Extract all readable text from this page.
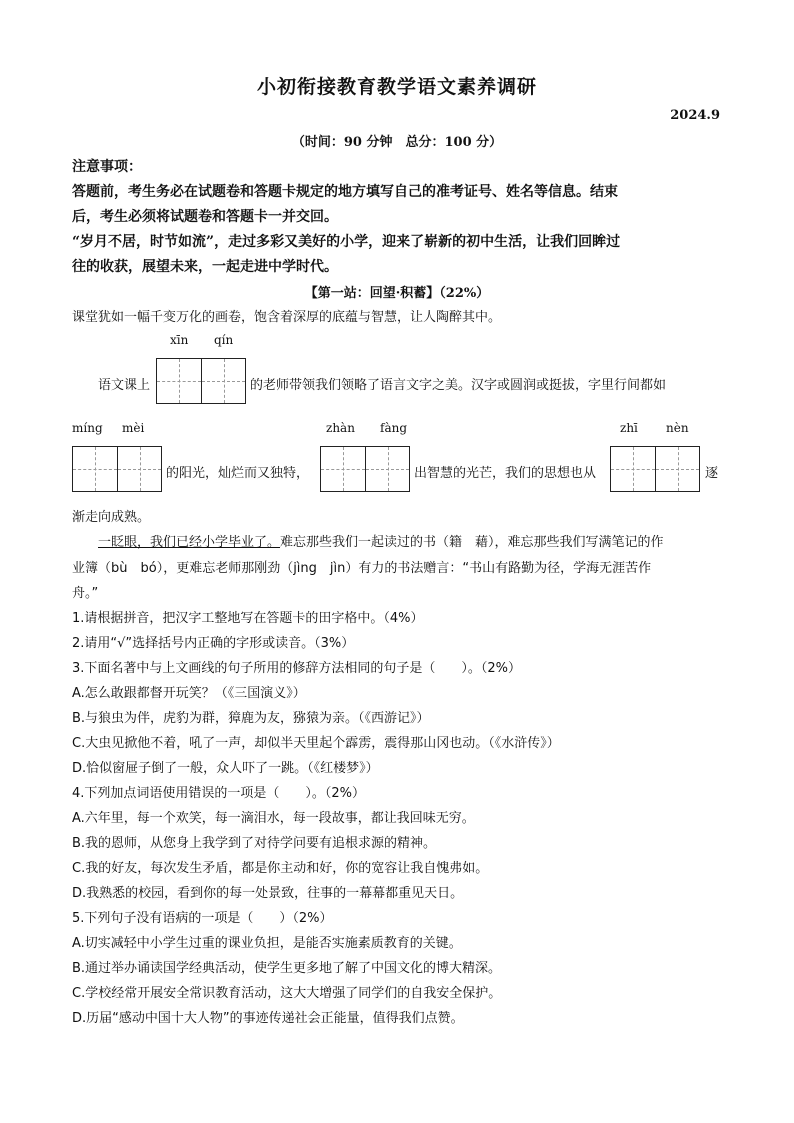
小初衔接教育教学语文素养调研
2024.9
（时间：90 分钟　总分：100 分）
注意事项：
答题前，考生务必在试题卷和答题卡规定的地方填写自己的准考证号、姓名等信息。结束
后，考生必须将试题卷和答题卡一并交回。
“岁月不居，时节如流”，走过多彩又美好的小学，迎来了崭新的初中生活，让我们回眸过
往的收获，展望未来，一起走进中学时代。
【第一站：回望·积蓄】（22%）
课堂犹如一幅千变万化的画卷，饱含着深厚的底蕴与智慧，让人陶醉其中。
xīn qín
语文课上	的老师带领我们领略了语言文字之美。汉字或圆润或挺拔，字里行间都如
míng mèi	zhàn fàng	zhī nèn
的阳光，灿烂而又独特，	出智慧的光芒，我们的思想也从	逐
渐走向成熟。
一眨眼，我们已经小学毕业了。难忘那些我们一起读过的书（籍　藉），难忘那些我们写满笔记的作
业簿（bù　bó），更难忘老师那刚劲（jìng　jìn）有力的书法赠言：“书山有路勤为径，学海无涯苦作
舟。”
1.请根据拼音，把汉字工整地写在答题卡的田字格中。（4%）
2.请用“√”选择括号内正确的字形或读音。（3%）
3.下面名著中与上文画线的句子所用的修辞方法相同的句子是（　　）。（2%）
A.怎么敢跟都督开玩笑？（《三国演义》）
B.与狼虫为伴，虎豹为群，獐鹿为友，猕猿为亲。（《西游记》）
C.大虫见掀他不着，吼了一声，却似半天里起个霹雳，震得那山冈也动。（《水浒传》）
D.恰似窗屉子倒了一般，众人吓了一跳。（《红楼梦》）
4.下列加点词语使用错误的一项是（　　）。（2%）
A.六年里，每一个欢笑，每一滴泪水，每一段故事，都让我回味无穷。
B.我的恩师，从您身上我学到了对待学问要有追根求源的精神。
C.我的好友，每次发生矛盾，都是你主动和好，你的宽容让我自愧弗如。
D.我熟悉的校园，看到你的每一处景致，往事的一幕幕都重见天日。
5.下列句子没有语病的一项是（　　）（2%）
A.切实减轻中小学生过重的课业负担，是能否实施素质教育的关键。
B.通过举办诵读国学经典活动，使学生更多地了解了中国文化的博大精深。
C.学校经常开展安全常识教育活动，这大大增强了同学们的自我安全保护。
D.历届“感动中国十大人物”的事迹传递社会正能量，值得我们点赞。
